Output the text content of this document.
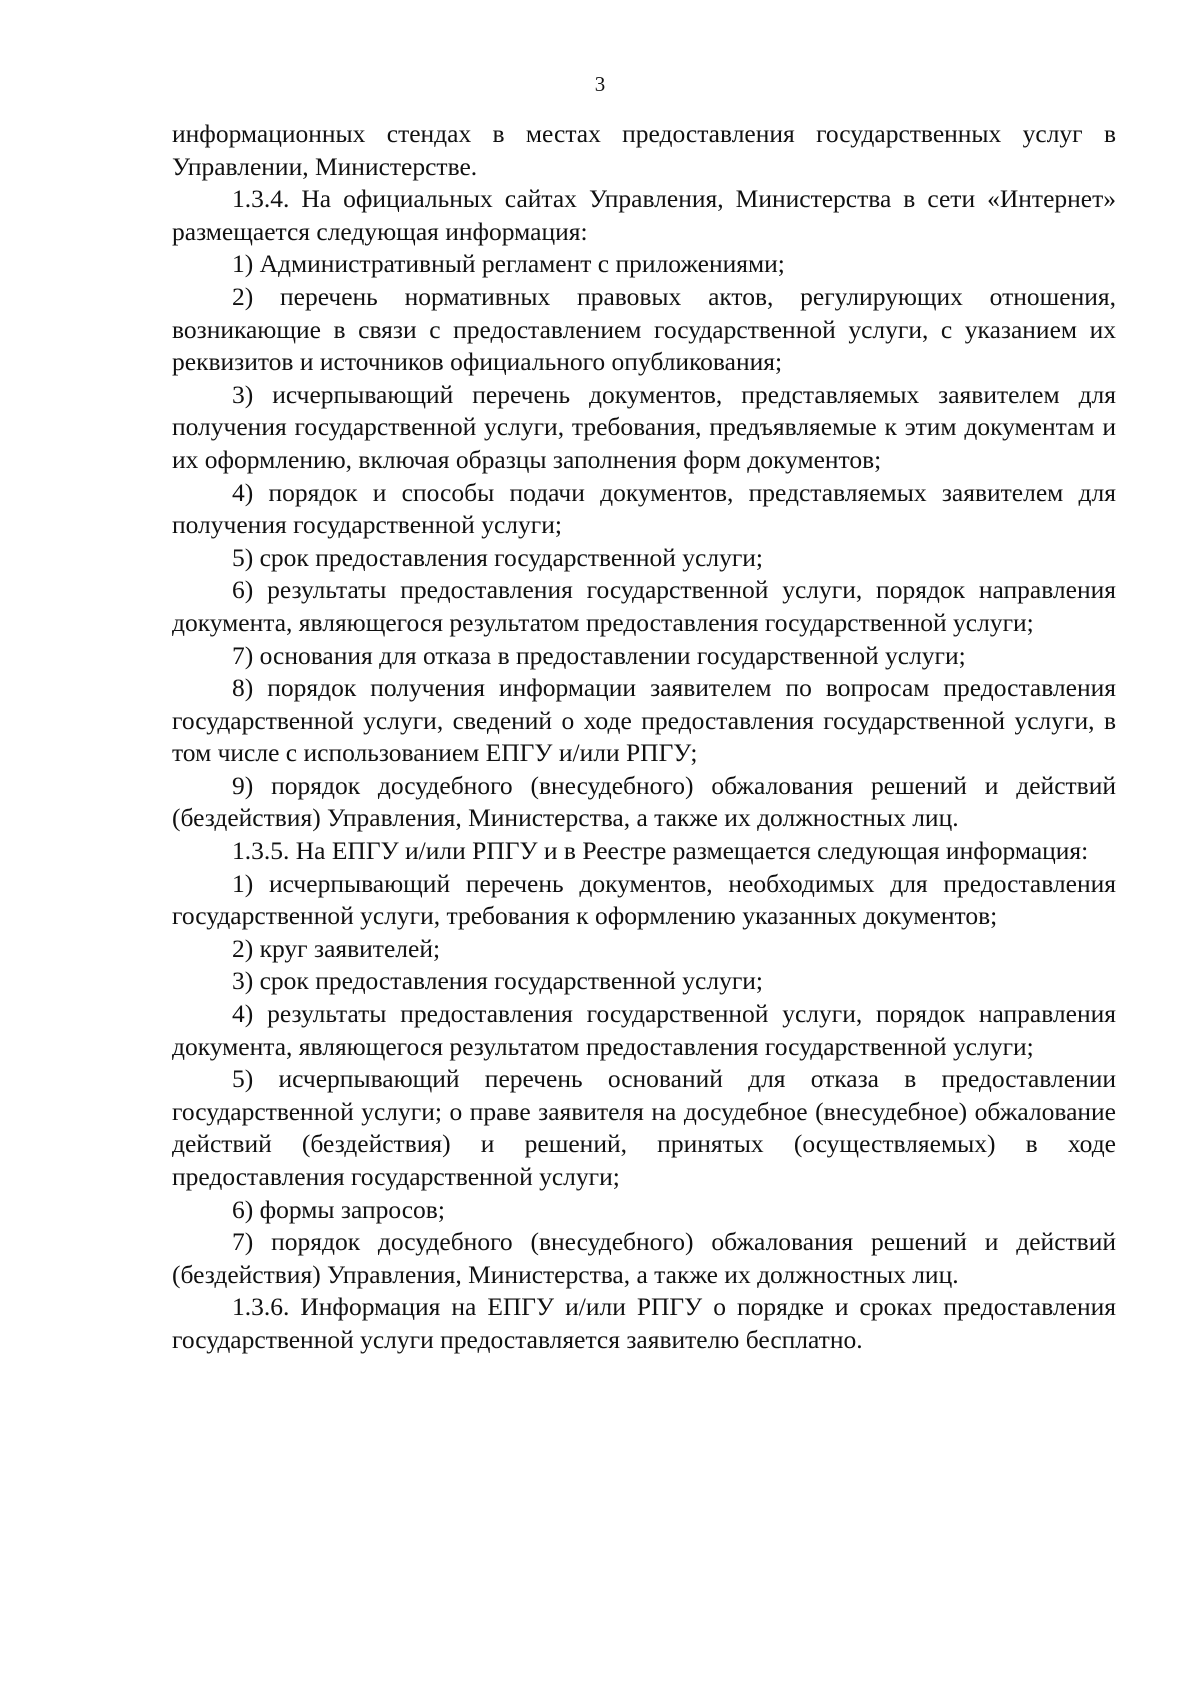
3

информационных стендах в местах предоставления государственных услуг в Управлении, Министерстве.

1.3.4. На официальных сайтах Управления, Министерства в сети «Интернет» размещается следующая информация:

1) Административный регламент с приложениями;

2) перечень нормативных правовых актов, регулирующих отношения, возникающие в связи с предоставлением государственной услуги, с указанием их реквизитов и источников официального опубликования;

3) исчерпывающий перечень документов, представляемых заявителем для получения государственной услуги, требования, предъявляемые к этим документам и их оформлению, включая образцы заполнения форм документов;

4) порядок и способы подачи документов, представляемых заявителем для получения государственной услуги;

5) срок предоставления государственной услуги;

6) результаты предоставления государственной услуги, порядок направления документа, являющегося результатом предоставления государственной услуги;

7) основания для отказа в предоставлении государственной услуги;

8) порядок получения информации заявителем по вопросам предоставления государственной услуги, сведений о ходе предоставления государственной услуги, в том числе с использованием ЕПГУ и/или РПГУ;

9) порядок досудебного (внесудебного) обжалования решений и действий (бездействия) Управления, Министерства, а также их должностных лиц.

1.3.5. На ЕПГУ и/или РПГУ и в Реестре размещается следующая информация:

1) исчерпывающий перечень документов, необходимых для предоставления государственной услуги, требования к оформлению указанных документов;

2) круг заявителей;

3) срок предоставления государственной услуги;

4) результаты предоставления государственной услуги, порядок направления документа, являющегося результатом предоставления государственной услуги;

5) исчерпывающий перечень оснований для отказа в предоставлении государственной услуги; о праве заявителя на досудебное (внесудебное) обжалование действий (бездействия) и решений, принятых (осуществляемых) в ходе предоставления государственной услуги;

6) формы запросов;

7) порядок досудебного (внесудебного) обжалования решений и действий (бездействия) Управления, Министерства, а также их должностных лиц.

1.3.6. Информация на ЕПГУ и/или РПГУ о порядке и сроках предоставления государственной услуги предоставляется заявителю бесплатно.
